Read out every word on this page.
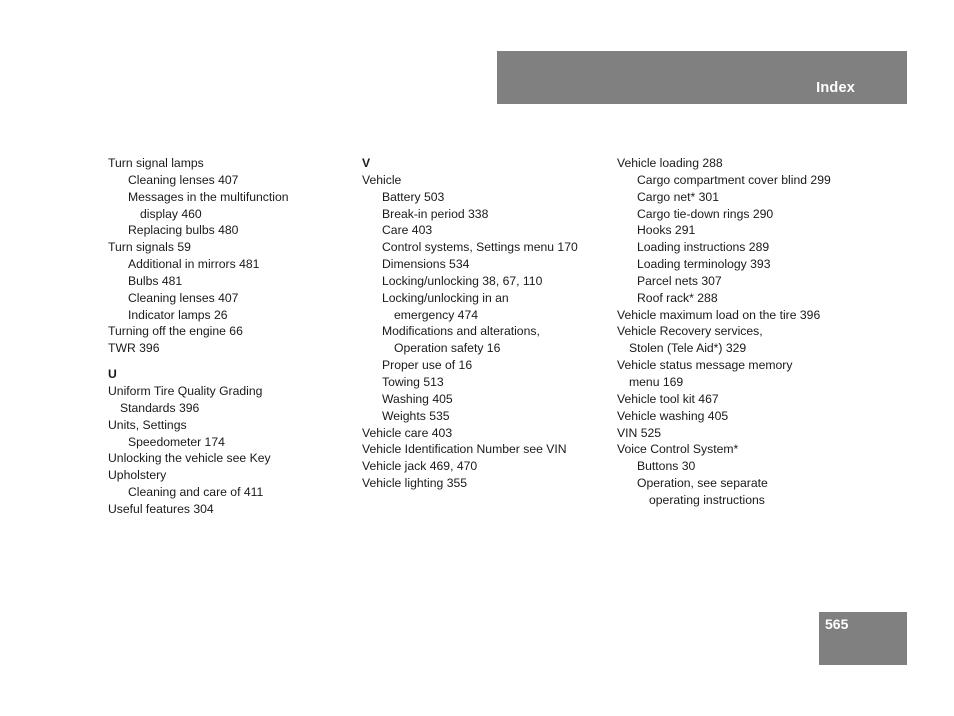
Index
Turn signal lamps
Cleaning lenses 407
Messages in the multifunction
display 460
Replacing bulbs 480
Turn signals 59
Additional in mirrors 481
Bulbs 481
Cleaning lenses 407
Indicator lamps 26
Turning off the engine 66
TWR 396
U
Uniform Tire Quality Grading
Standards 396
Units, Settings
Speedometer 174
Unlocking the vehicle see Key
Upholstery
Cleaning and care of 411
Useful features 304
V
Vehicle
Battery 503
Break-in period 338
Care 403
Control systems, Settings menu 170
Dimensions 534
Locking/unlocking 38, 67, 110
Locking/unlocking in an
emergency 474
Modifications and alterations,
Operation safety 16
Proper use of 16
Towing 513
Washing 405
Weights 535
Vehicle care 403
Vehicle Identification Number see VIN
Vehicle jack 469, 470
Vehicle lighting 355
Vehicle loading 288
Cargo compartment cover blind 299
Cargo net* 301
Cargo tie-down rings 290
Hooks 291
Loading instructions 289
Loading terminology 393
Parcel nets 307
Roof rack* 288
Vehicle maximum load on the tire 396
Vehicle Recovery services,
Stolen (Tele Aid*) 329
Vehicle status message memory
menu 169
Vehicle tool kit 467
Vehicle washing 405
VIN 525
Voice Control System*
Buttons 30
Operation, see separate
operating instructions
565
